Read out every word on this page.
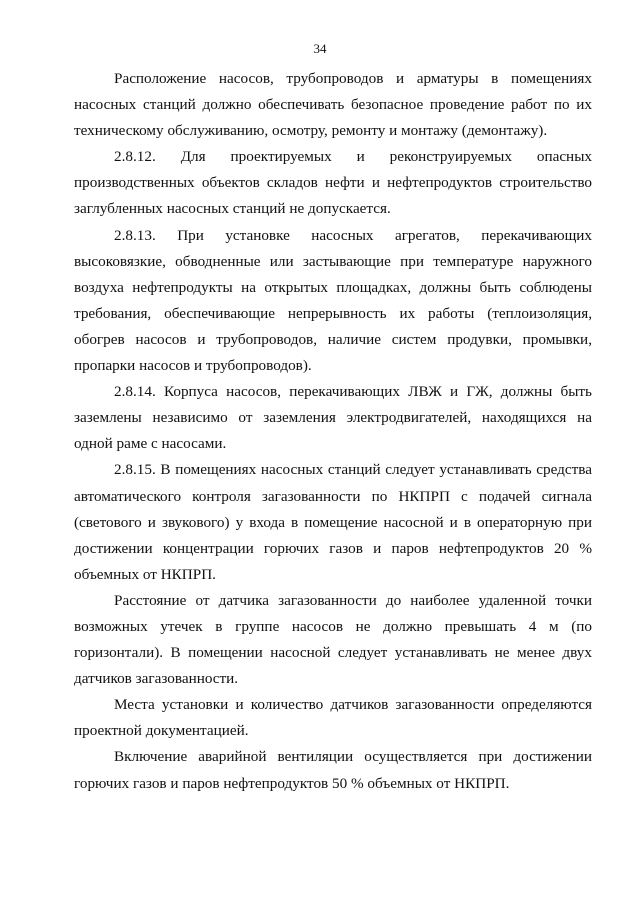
34

Расположение насосов, трубопроводов и арматуры в помещениях насосных станций должно обеспечивать безопасное проведение работ по их техническому обслуживанию, осмотру, ремонту и монтажу (демонтажу).

2.8.12. Для проектируемых и реконструируемых опасных производственных объектов складов нефти и нефтепродуктов строительство заглубленных насосных станций не допускается.

2.8.13. При установке насосных агрегатов, перекачивающих высоковязкие, обводненные или застывающие при температуре наружного воздуха нефтепродукты на открытых площадках, должны быть соблюдены требования, обеспечивающие непрерывность их работы (теплоизоляция, обогрев насосов и трубопроводов, наличие систем продувки, промывки, пропарки насосов и трубопроводов).

2.8.14. Корпуса насосов, перекачивающих ЛВЖ и ГЖ, должны быть заземлены независимо от заземления электродвигателей, находящихся на одной раме с насосами.

2.8.15. В помещениях насосных станций следует устанавливать средства автоматического контроля загазованности по НКПРП с подачей сигнала (светового и звукового) у входа в помещение насосной и в операторную при достижении концентрации горючих газов и паров нефтепродуктов 20 % объемных от НКПРП.

Расстояние от датчика загазованности до наиболее удаленной точки возможных утечек в группе насосов не должно превышать 4 м (по горизонтали). В помещении насосной следует устанавливать не менее двух датчиков загазованности.

Места установки и количество датчиков загазованности определяются проектной документацией.

Включение аварийной вентиляции осуществляется при достижении горючих газов и паров нефтепродуктов 50 % объемных от НКПРП.
